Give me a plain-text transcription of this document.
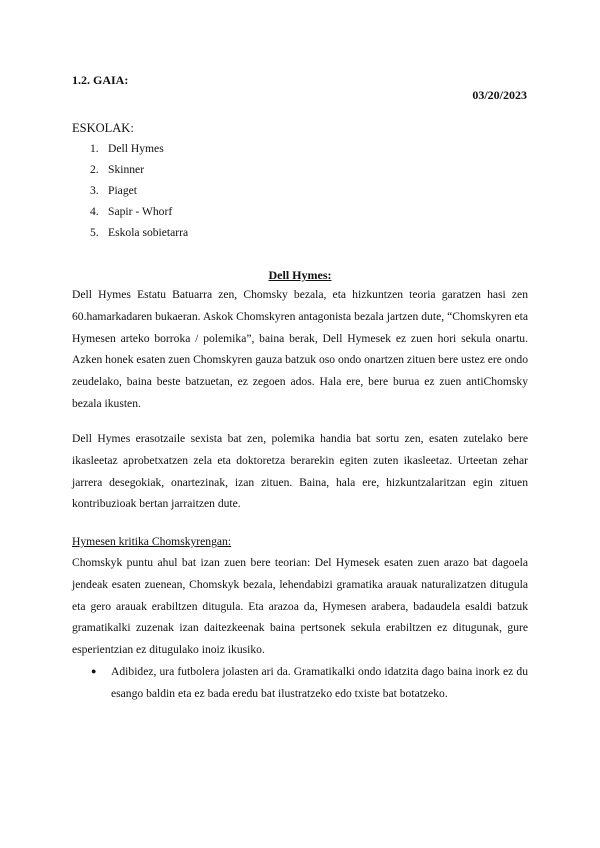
1.2. GAIA:
03/20/2023
ESKOLAK:
1. Dell Hymes
2. Skinner
3. Piaget
4. Sapir - Whorf
5. Eskola sobietarra
Dell Hymes:

Dell Hymes Estatu Batuarra zen, Chomsky bezala, eta hizkuntzen teoria garatzen hasi zen 60.hamarkadaren bukaeran. Askok Chomskyren antagonista bezala jartzen dute, “Chomskyren eta Hymesen arteko borroka / polemika”, baina berak, Dell Hymesek ez zuen hori sekula onartu. Azken honek esaten zuen Chomskyren gauza batzuk oso ondo onartzen zituen bere ustez ere ondo zeudelako, baina beste batzuetan, ez zegoen ados. Hala ere, bere burua ez zuen antiChomsky bezala ikusten.

Dell Hymes erasotzaile sexista bat zen, polemika handia bat sortu zen, esaten zutelako bere ikasleetaz aprobetxatzen zela eta doktoretza berarekin egiten zuten ikasleetaz. Urteetan zehar jarrera desegokiak, onartezinak, izan zituen. Baina, hala ere, hizkuntzalaritzan egin zituen kontribuzioak bertan jarraitzen dute.

Hymesen kritika Chomskyrengan:

Chomskyk puntu ahul bat izan zuen bere teorian: Del Hymesek esaten zuen arazo bat dagoela jendeak esaten zuenean, Chomskyk bezala, lehendabizi gramatika arauak naturalizatzen ditugula eta gero arauak erabiltzen ditugula. Eta arazoa da, Hymesen arabera, badaudela esaldi batzuk gramatikalki zuzenak izan daitezkeenak baina pertsonek sekula erabiltzen ez ditugunak, gure esperientzian ez ditugulako inoiz ikusiko.

●	Adibidez, ura futbolera jolasten ari da. Gramatikalki ondo idatzita dago baina inork ez du esango baldin eta ez bada eredu bat ilustratzeko edo txiste bat botatzeko.
